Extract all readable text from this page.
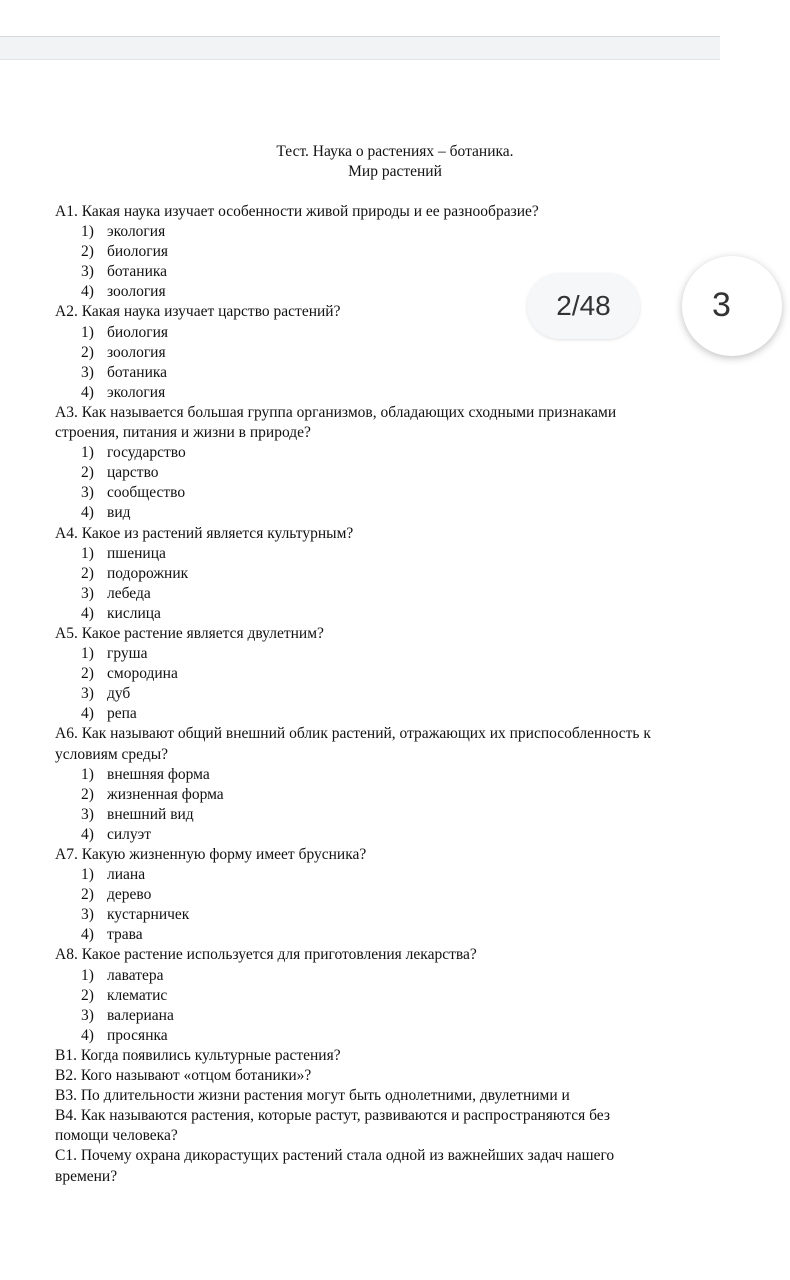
Тест. Наука о растениях – ботаника.
Мир растений
А1. Какая наука изучает особенности живой природы и ее разнообразие?
1) экология
2) биология
3) ботаника
4) зоология
А2. Какая наука изучает царство растений?
1) биология
2) зоология
3) ботаника
4) экология
А3. Как называется большая группа организмов, обладающих сходными признаками
строения, питания и жизни в природе?
1) государство
2) царство
3) сообщество
4) вид
А4. Какое из растений является культурным?
1) пшеница
2) подорожник
3) лебеда
4) кислица
А5. Какое растение является двулетним?
1) груша
2) смородина
3) дуб
4) репа
А6. Как называют общий внешний облик растений, отражающих их приспособленность к
условиям среды?
1) внешняя форма
2) жизненная форма
3) внешний вид
4) силуэт
А7. Какую жизненную форму имеет брусника?
1) лиана
2) дерево
3) кустарничек
4) трава
А8. Какое растение используется для приготовления лекарства?
1) лаватера
2) клематис
3) валериана
4) просянка
В1. Когда появились культурные растения?
В2. Кого называют «отцом ботаники»?
В3. По длительности жизни растения могут быть однолетними, двулетними и
В4. Как называются растения, которые растут, развиваются и распространяются без
помощи человека?
С1. Почему охрана дикорастущих растений стала одной из важнейших задач нашего
времени?
2/48	3
